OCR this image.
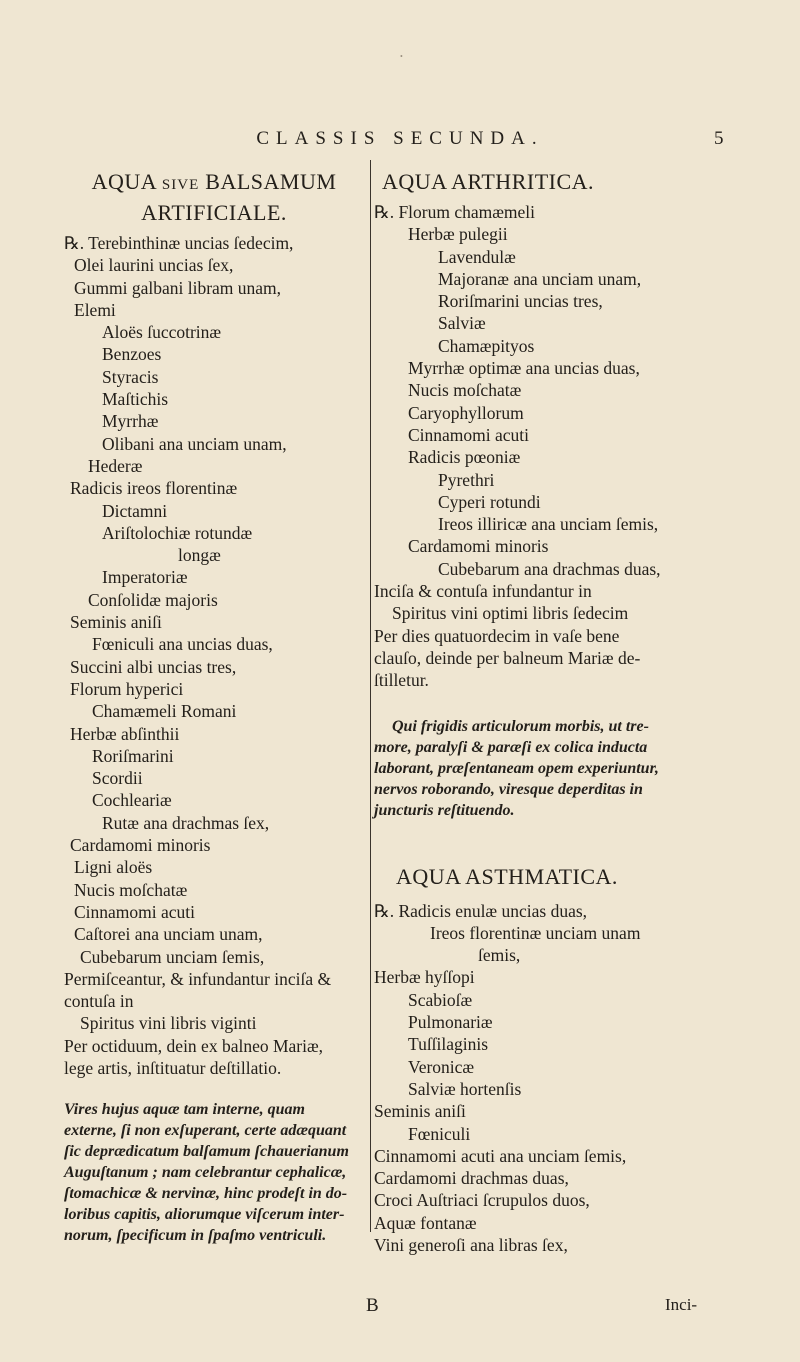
•
CLASSIS SECUNDA.	5
AQUA SIVE BALSAMUM
ARTIFICIALE.
℞. Terebinthinæ uncias ſedecim,
Olei laurini uncias ſex,
Gummi galbani libram unam,
Elemi
Aloës ſuccotrinæ
Benzoes
Styracis
Maſtichis
Myrrhæ
Olibani ana unciam unam,
Hederæ
Radicis ireos florentinæ
Dictamni
Ariſtolochiæ rotundæ
longæ
Imperatoriæ
Conſolidæ majoris
Seminis aniſi
Fœniculi ana uncias duas,
Succini albi uncias tres,
Florum hyperici
Chamæmeli Romani
Herbæ abſinthii
Roriſmarini
Scordii
Cochleariæ
Rutæ ana drachmas ſex,
Cardamomi minoris
Ligni aloës
Nucis moſchatæ
Cinnamomi acuti
Caſtorei ana unciam unam,
Cubebarum unciam ſemis,
Permiſceantur, & infundantur inciſa &
contuſa in
Spiritus vini libris viginti
Per octiduum, dein ex balneo Mariæ,
lege artis, inſtituatur deſtillatio.
Vires hujus aquæ tam interne, quam
externe, ſi non exſuperant, certe adæquant
ſic deprædicatum balſamum ſchauerianum
Auguſtanum ; nam celebrantur cephalicæ,
ſtomachicæ & nervinæ, hinc prodeſt in do-
loribus capitis, aliorumque viſcerum inter-
norum, ſpecificum in ſpaſmo ventriculi.
AQUA ARTHRITICA.
℞. Florum chamæmeli
Herbæ pulegii
Lavendulæ
Majoranæ ana unciam unam,
Roriſmarini uncias tres,
Salviæ
Chamæpityos
Myrrhæ optimæ ana uncias duas,
Nucis moſchatæ
Caryophyllorum
Cinnamomi acuti
Radicis pœoniæ
Pyrethri
Cyperi rotundi
Ireos illiricæ ana unciam ſemis,
Cardamomi minoris
Cubebarum ana drachmas duas,
Inciſa & contuſa infundantur in
Spiritus vini optimi libris ſedecim
Per dies quatuordecim in vaſe bene
clauſo, deinde per balneum Mariæ de-
ſtilletur.
Qui frigidis articulorum morbis, ut tre-
more, paralyſi & paræſi ex colica inducta
laborant, præſentaneam opem experiuntur,
nervos roborando, viresque deperditas in
juncturis reſtituendo.
AQUA ASTHMATICA.
℞. Radicis enulæ uncias duas,
Ireos florentinæ unciam unam
ſemis,
Herbæ hyſſopi
Scabioſæ
Pulmonariæ
Tuſſilaginis
Veronicæ
Salviæ hortenſis
Seminis aniſi
Fœniculi
Cinnamomi acuti ana unciam ſemis,
Cardamomi drachmas duas,
Croci Auſtriaci ſcrupulos duos,
Aquæ fontanæ
Vini generoſi ana libras ſex,
B	Inci-
